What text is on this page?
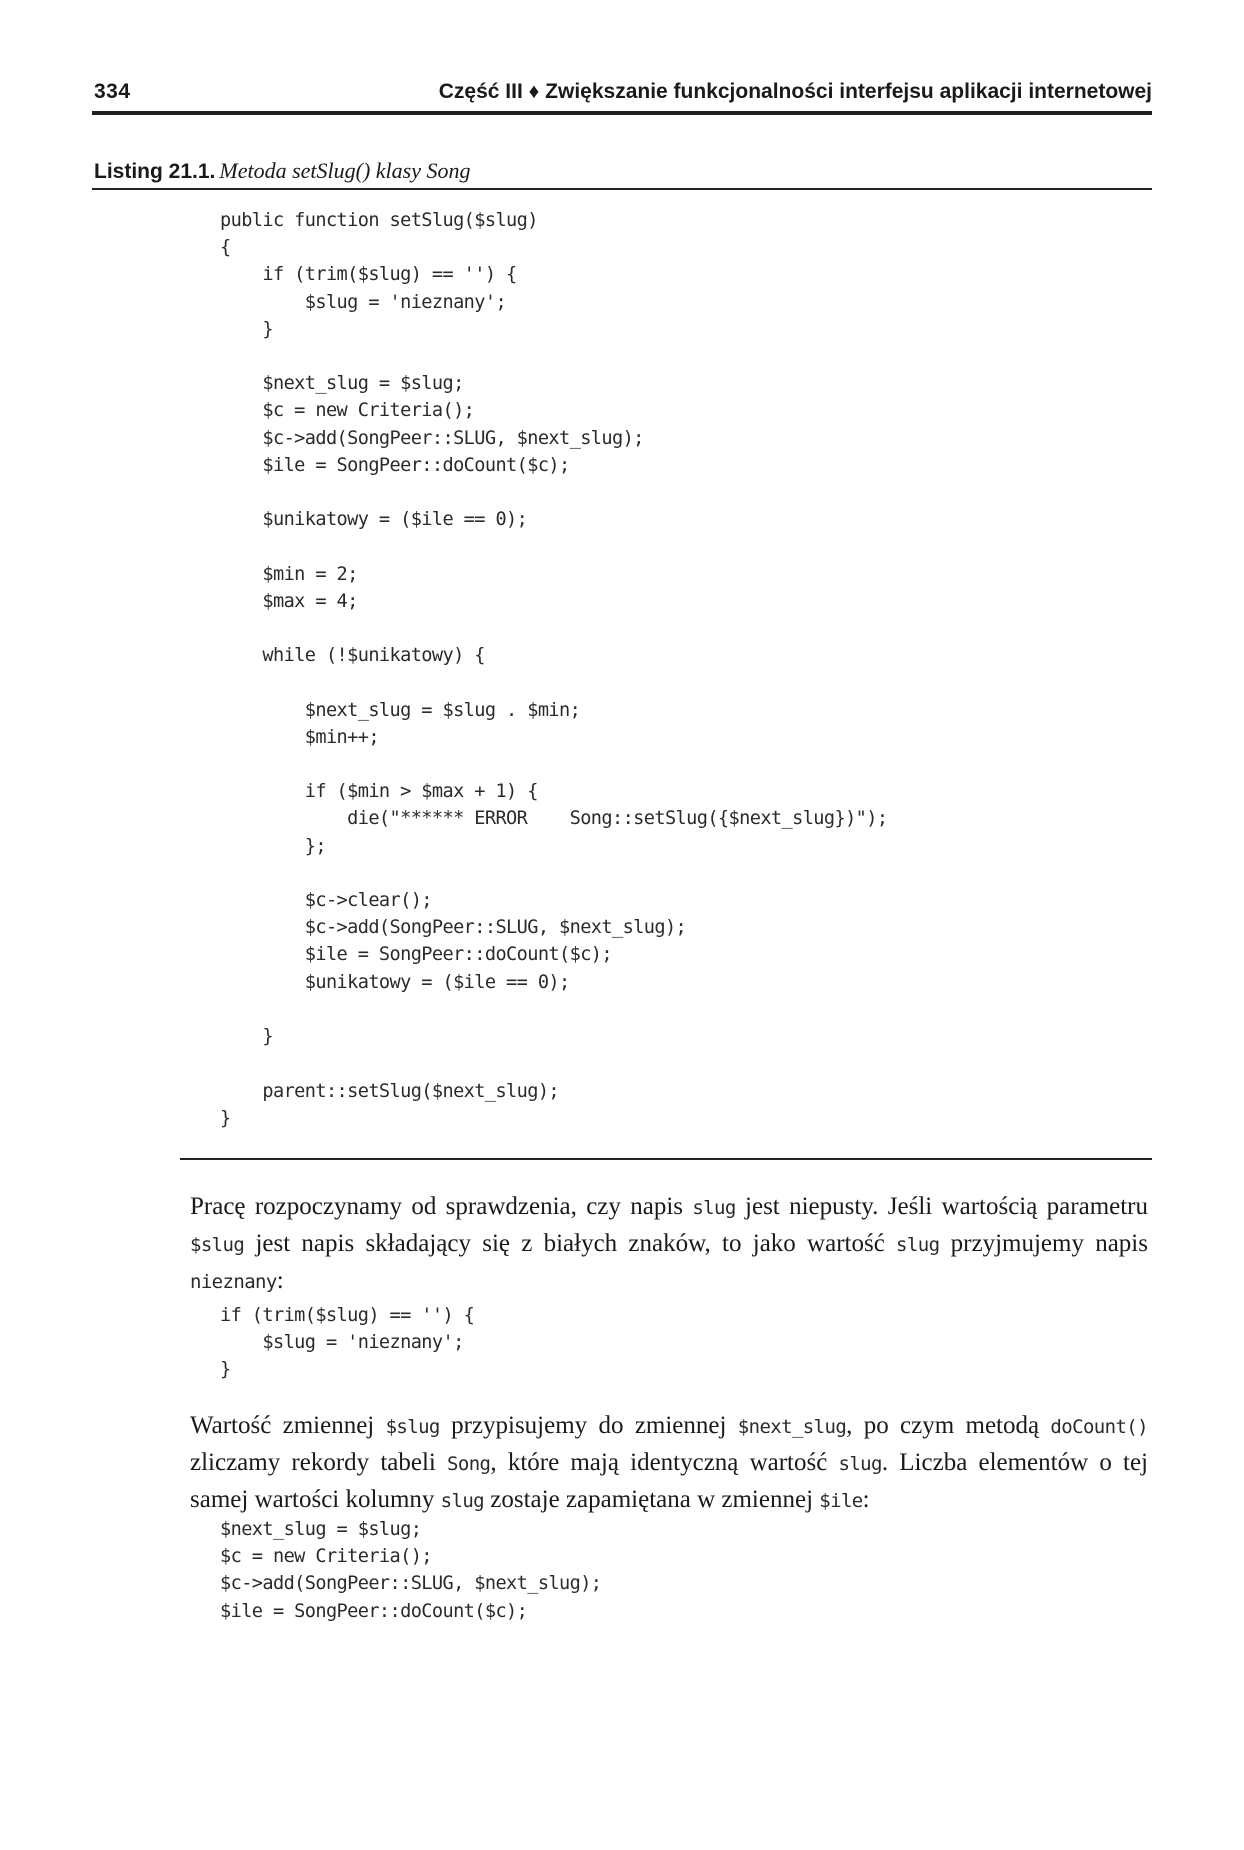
334	Część III ♦ Zwiększanie funkcjonalności interfejsu aplikacji internetowej
Listing 21.1. Metoda setSlug() klasy Song
public function setSlug($slug)
{
if (trim($slug) == '') {
$slug = 'nieznany';
}

$next_slug = $slug;
$c = new Criteria();
$c->add(SongPeer::SLUG, $next_slug);
$ile = SongPeer::doCount($c);

$unikatowy = ($ile == 0);

$min = 2;
$max = 4;

while (!$unikatowy) {

$next_slug = $slug . $min;
$min++;

if ($min > $max + 1) {
die("****** ERROR    Song::setSlug({$next_slug})");
};

$c->clear();
$c->add(SongPeer::SLUG, $next_slug);
$ile = SongPeer::doCount($c);
$unikatowy = ($ile == 0);

}

parent::setSlug($next_slug);
}

Pracę rozpoczynamy od sprawdzenia, czy napis slug jest niepusty. Jeśli wartością parametru $slug jest napis składający się z białych znaków, to jako wartość slug przyjmujemy napis nieznany:

if (trim($slug) == '') {
$slug = 'nieznany';
}

Wartość zmiennej $slug przypisujemy do zmiennej $next_slug, po czym metodą doCount() zliczamy rekordy tabeli Song, które mają identyczną wartość slug. Liczba elementów o tej samej wartości kolumny slug zostaje zapamiętana w zmiennej $ile:

$next_slug = $slug;
$c = new Criteria();
$c->add(SongPeer::SLUG, $next_slug);
$ile = SongPeer::doCount($c);
